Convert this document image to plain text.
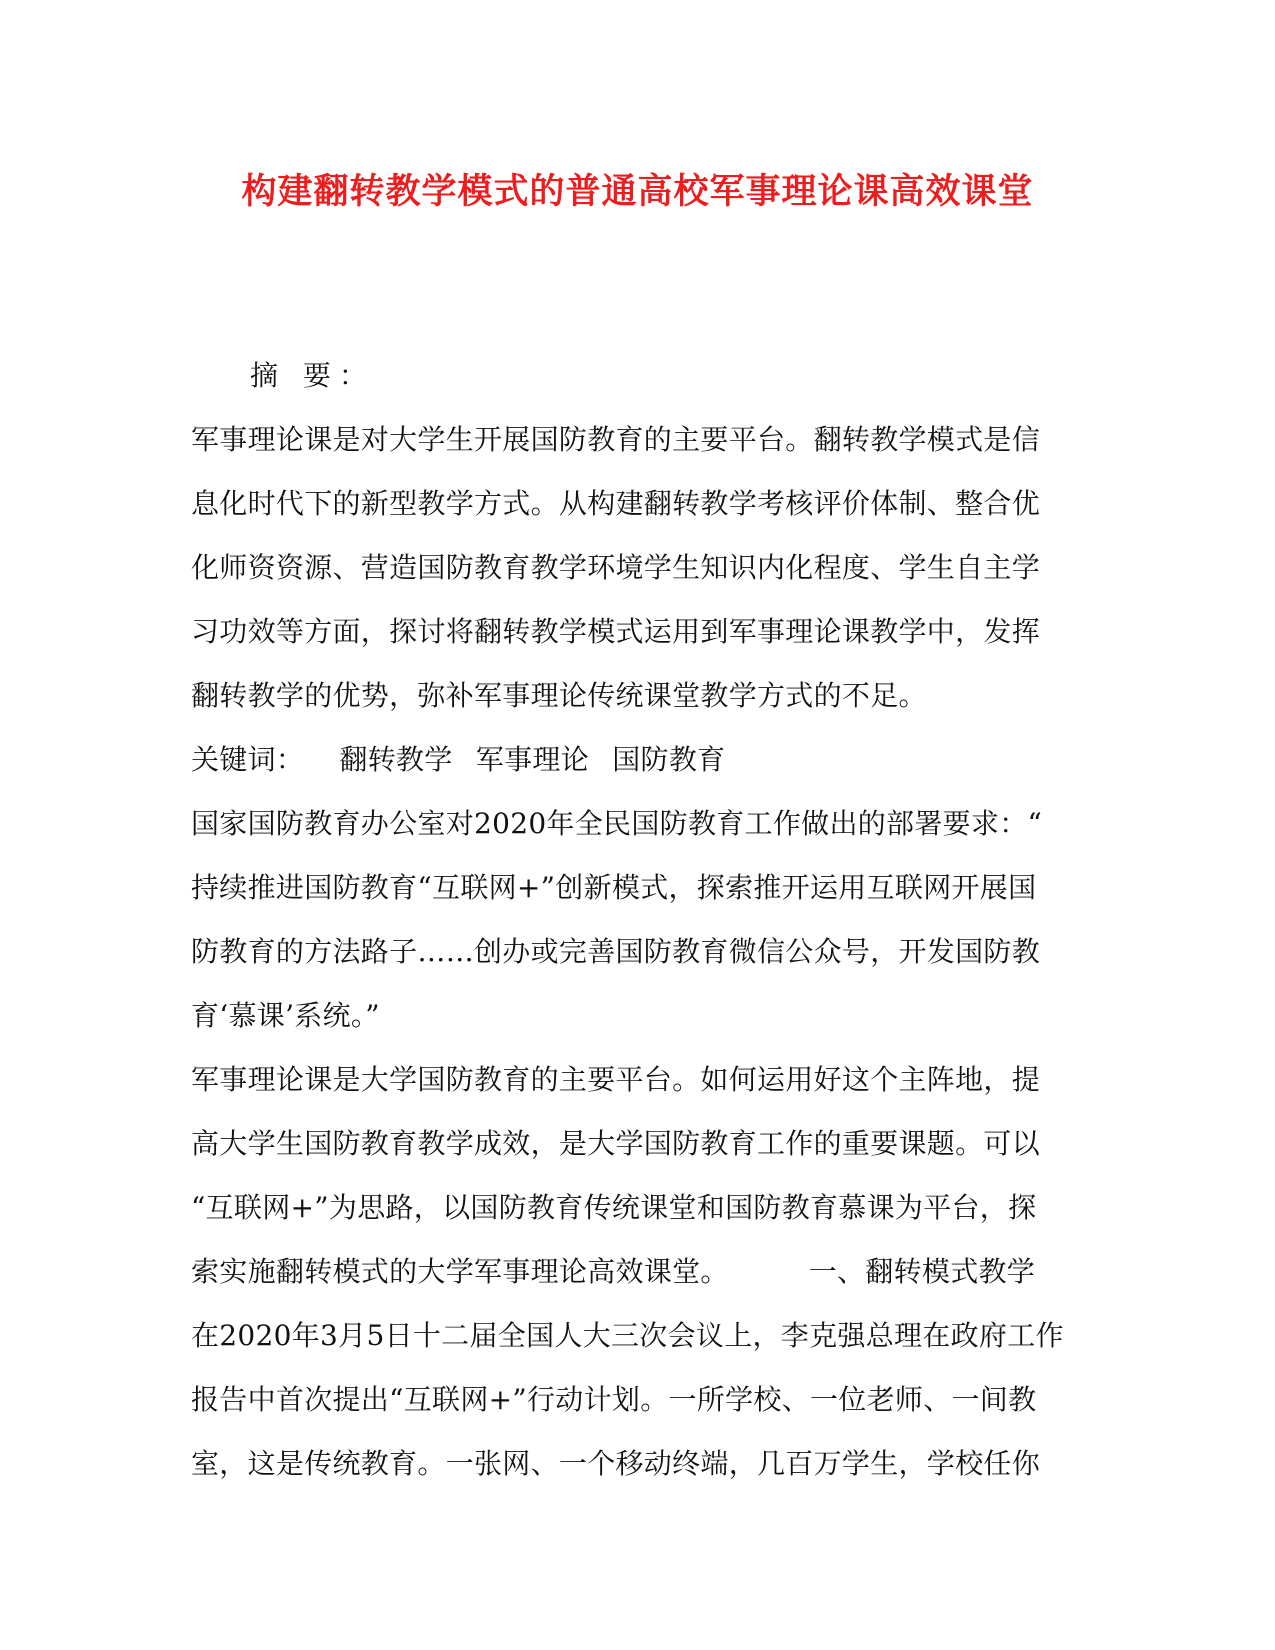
构建翻转教学模式的普通高校军事理论课高效课堂
摘 要：
军事理论课是对大学生开展国防教育的主要平台。翻转教学模式是信
息化时代下的新型教学方式。从构建翻转教学考核评价体制、整合优
化师资资源、营造国防教育教学环境学生知识内化程度、学生自主学
习功效等方面，探讨将翻转教学模式运用到军事理论课教学中，发挥
翻转教学的优势，弥补军事理论传统课堂教学方式的不足。
关键词： 翻转教学 军事理论 国防教育
国家国防教育办公室对2020年全民国防教育工作做出的部署要求：“
持续推进国防教育“互联网+”创新模式，探索推开运用互联网开展国
防教育的方法路子……创办或完善国防教育微信公众号，开发国防教
育‘慕课’系统。”
军事理论课是大学国防教育的主要平台。如何运用好这个主阵地，提
高大学生国防教育教学成效，是大学国防教育工作的重要课题。可以
“互联网+”为思路，以国防教育传统课堂和国防教育慕课为平台，探
索实施翻转模式的大学军事理论高效课堂。	一、翻转模式教学
在2020年3月5日十二届全国人大三次会议上，李克强总理在政府工作
报告中首次提出“互联网+”行动计划。一所学校、一位老师、一间教
室，这是传统教育。一张网、一个移动终端，几百万学生，学校任你
